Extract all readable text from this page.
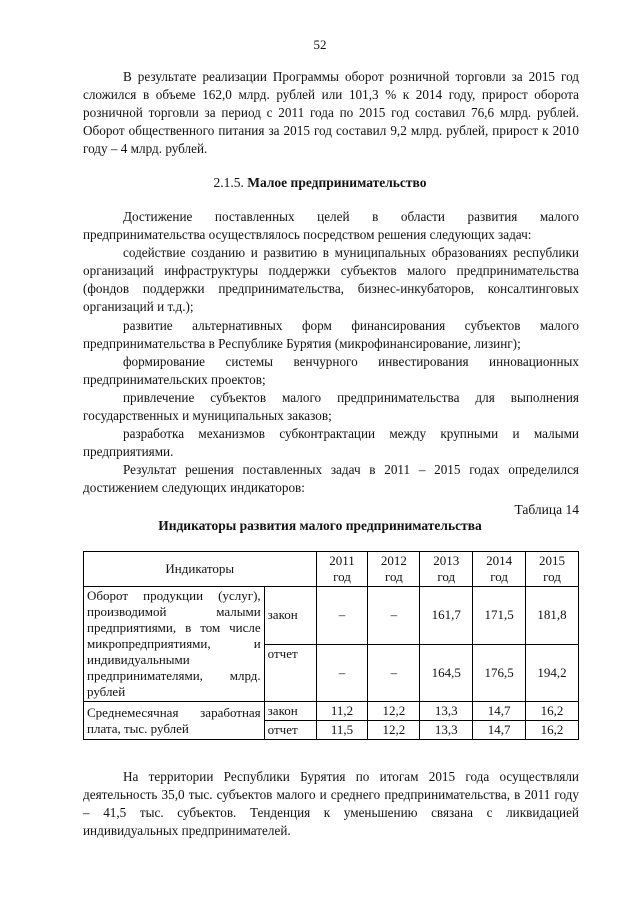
52

В результате реализации Программы оборот розничной торговли за 2015 год сложился в объеме 162,0 млрд. рублей или 101,3 % к 2014 году, прирост оборота розничной торговли за период с 2011 года по 2015 год составил 76,6 млрд. рублей. Оборот общественного питания за 2015 год составил 9,2 млрд. рублей, прирост к 2010 году – 4 млрд. рублей.

2.1.5. Малое предпринимательство

Достижение поставленных целей в области развития малого предпринимательства осуществлялось посредством решения следующих задач:

содействие созданию и развитию в муниципальных образованиях республики организаций инфраструктуры поддержки субъектов малого предпринимательства (фондов поддержки предпринимательства, бизнес-инкубаторов, консалтинговых организаций и т.д.);

развитие альтернативных форм финансирования субъектов малого предпринимательства в Республике Бурятия (микрофинансирование, лизинг);

формирование системы венчурного инвестирования инновационных предпринимательских проектов;

привлечение субъектов малого предпринимательства для выполнения государственных и муниципальных заказов;

разработка механизмов субконтрактации между крупными и малыми предприятиями.

Результат решения поставленных задач в 2011 – 2015 годах определился достижением следующих индикаторов:

Таблица 14
Индикаторы развития малого предпринимательства
Индикаторы		2011 год	2012 год	2013 год	2014 год	2015 год
Оборот продукции (услуг), производимой малыми предприятиями, в том числе микропредприятиями, и индивидуальными предпринимателями, млрд. рублей	закон	–	–	161,7	171,5	181,8
	отчет	–	–	164,5	176,5	194,2
Среднемесячная заработная плата, тыс. рублей	закон	11,2	12,2	13,3	14,7	16,2
	отчет	11,5	12,2	13,3	14,7	16,2

На территории Республики Бурятия по итогам 2015 года осуществляли деятельность 35,0 тыс. субъектов малого и среднего предпринимательства, в 2011 году – 41,5 тыс. субъектов. Тенденция к уменьшению связана с ликвидацией индивидуальных предпринимателей.
